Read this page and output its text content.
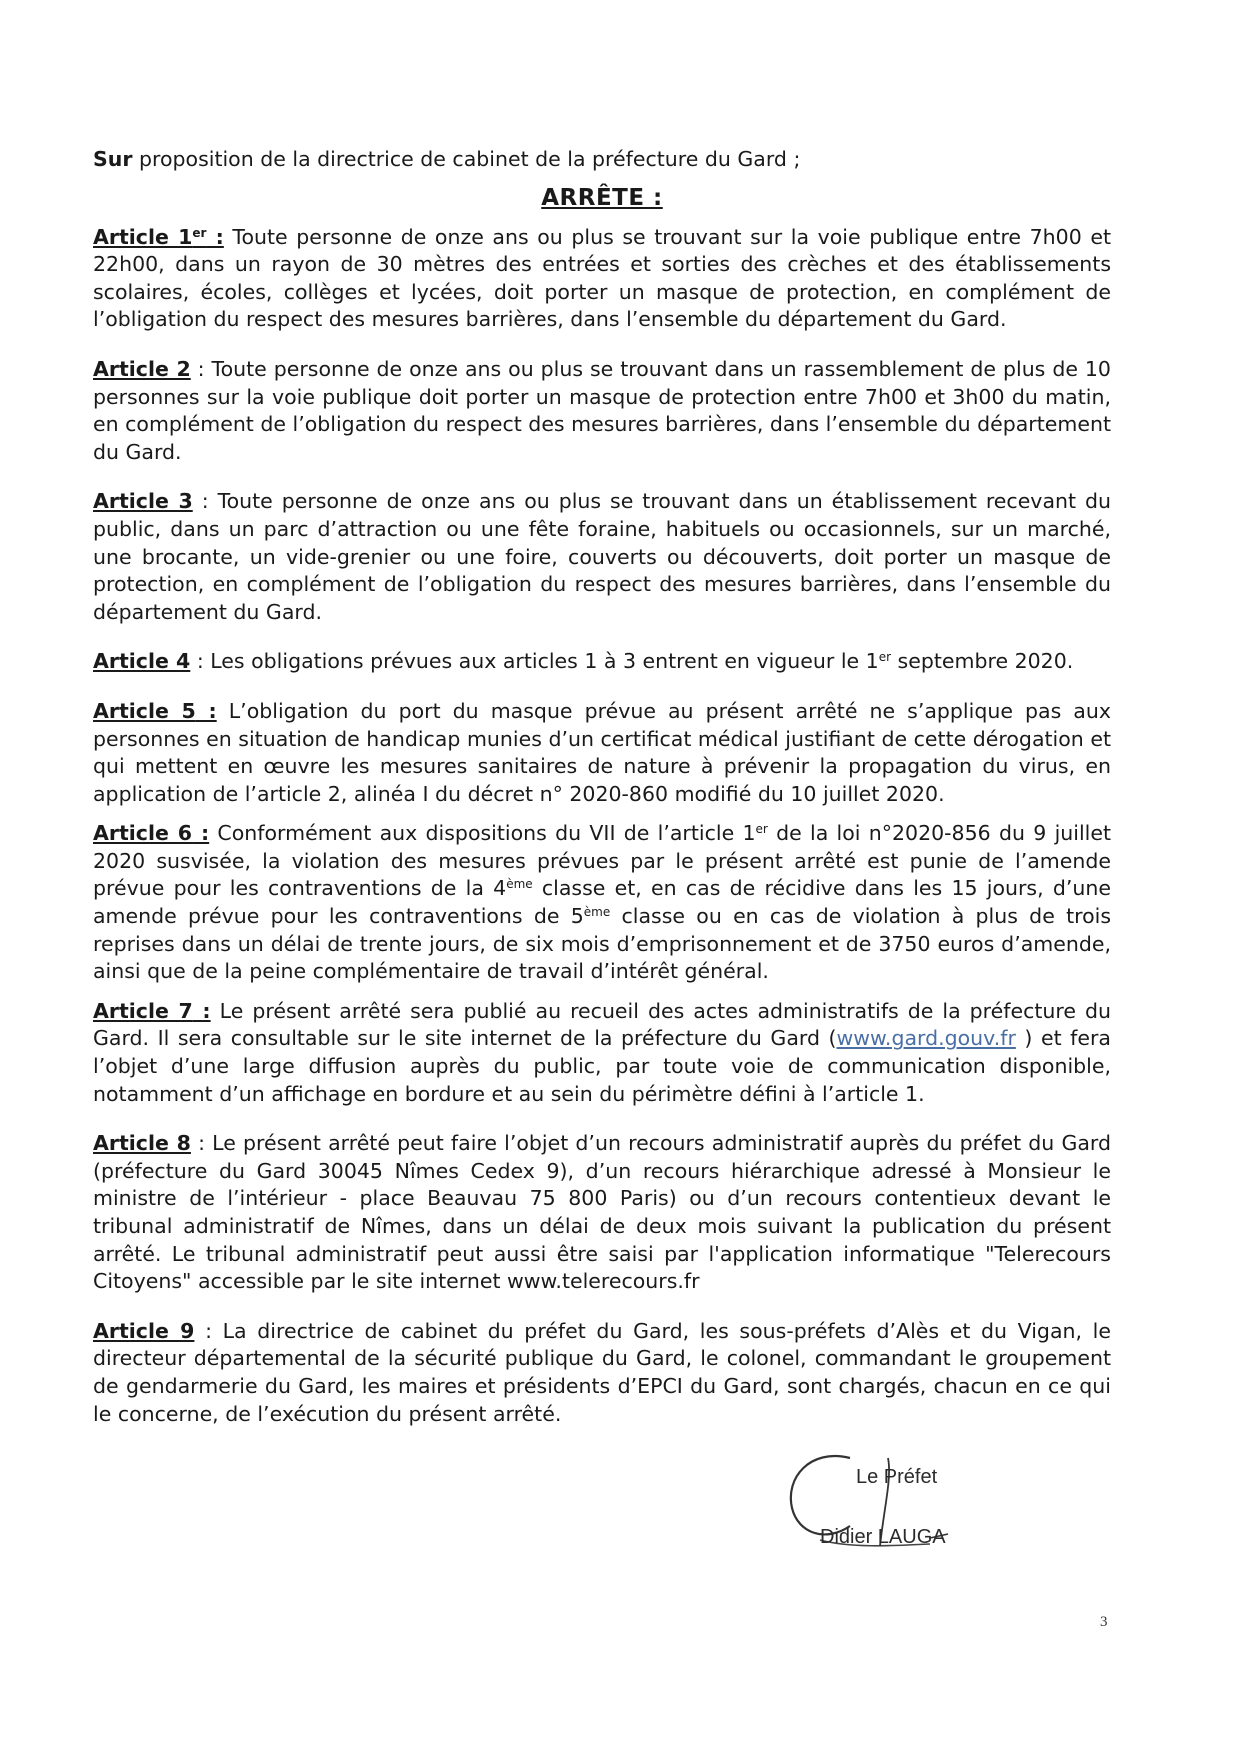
Sur proposition de la directrice de cabinet de la préfecture du Gard ;

ARRÊTE :

Article 1er : Toute personne de onze ans ou plus se trouvant sur la voie publique entre 7h00 et 22h00, dans un rayon de 30 mètres des entrées et sorties des crèches et des établissements scolaires, écoles, collèges et lycées, doit porter un masque de protection, en complément de l’obligation du respect des mesures barrières, dans l’ensemble du département du Gard.

Article 2 : Toute personne de onze ans ou plus se trouvant dans un rassemblement de plus de 10 personnes sur la voie publique doit porter un masque de protection entre 7h00 et 3h00 du matin, en complément de l’obligation du respect des mesures barrières, dans l’ensemble du département du Gard.

Article 3 : Toute personne de onze ans ou plus se trouvant dans un établissement recevant du public, dans un parc d’attraction ou une fête foraine, habituels ou occasionnels, sur un marché, une brocante, un vide-grenier ou une foire, couverts ou découverts, doit porter un masque de protection, en complément de l’obligation du respect des mesures barrières, dans l’ensemble du département du Gard.

Article 4 : Les obligations prévues aux articles 1 à 3 entrent en vigueur le 1er septembre 2020.

Article 5 : L’obligation du port du masque prévue au présent arrêté ne s’applique pas aux personnes en situation de handicap munies d’un certificat médical justifiant de cette dérogation et qui mettent en œuvre les mesures sanitaires de nature à prévenir la propagation du virus, en application de l’article 2, alinéa I du décret n° 2020-860 modifié du 10 juillet 2020.

Article 6 : Conformément aux dispositions du VII de l’article 1er de la loi n°2020-856 du 9 juillet 2020 susvisée, la violation des mesures prévues par le présent arrêté est punie de l’amende prévue pour les contraventions de la 4ème classe et, en cas de récidive dans les 15 jours, d’une amende prévue pour les contraventions de 5ème classe ou en cas de violation à plus de trois reprises dans un délai de trente jours, de six mois d’emprisonnement et de 3750 euros d’amende, ainsi que de la peine complémentaire de travail d’intérêt général.

Article 7 : Le présent arrêté sera publié au recueil des actes administratifs de la préfecture du Gard. Il sera consultable sur le site internet de la préfecture du Gard (www.gard.gouv.fr ) et fera l’objet d’une large diffusion auprès du public, par toute voie de communication disponible, notamment d’un affichage en bordure et au sein du périmètre défini à l’article 1.

Article 8 : Le présent arrêté peut faire l’objet d’un recours administratif auprès du préfet du Gard (préfecture du Gard 30045 Nîmes Cedex 9), d’un recours hiérarchique adressé à Monsieur le ministre de l’intérieur - place Beauvau 75 800 Paris) ou d’un recours contentieux devant le tribunal administratif de Nîmes, dans un délai de deux mois suivant la publication du présent arrêté. Le tribunal administratif peut aussi être saisi par l'application informatique "Telerecours Citoyens" accessible par le site internet www.telerecours.fr

Article 9 : La directrice de cabinet du préfet du Gard, les sous-préfets d’Alès et du Vigan, le directeur départemental de la sécurité publique du Gard, le colonel, commandant le groupement de gendarmerie du Gard, les maires et présidents d’EPCI du Gard, sont chargés, chacun en ce qui le concerne, de l’exécution du présent arrêté.

Le Préfet
Didier LAUGA
3
